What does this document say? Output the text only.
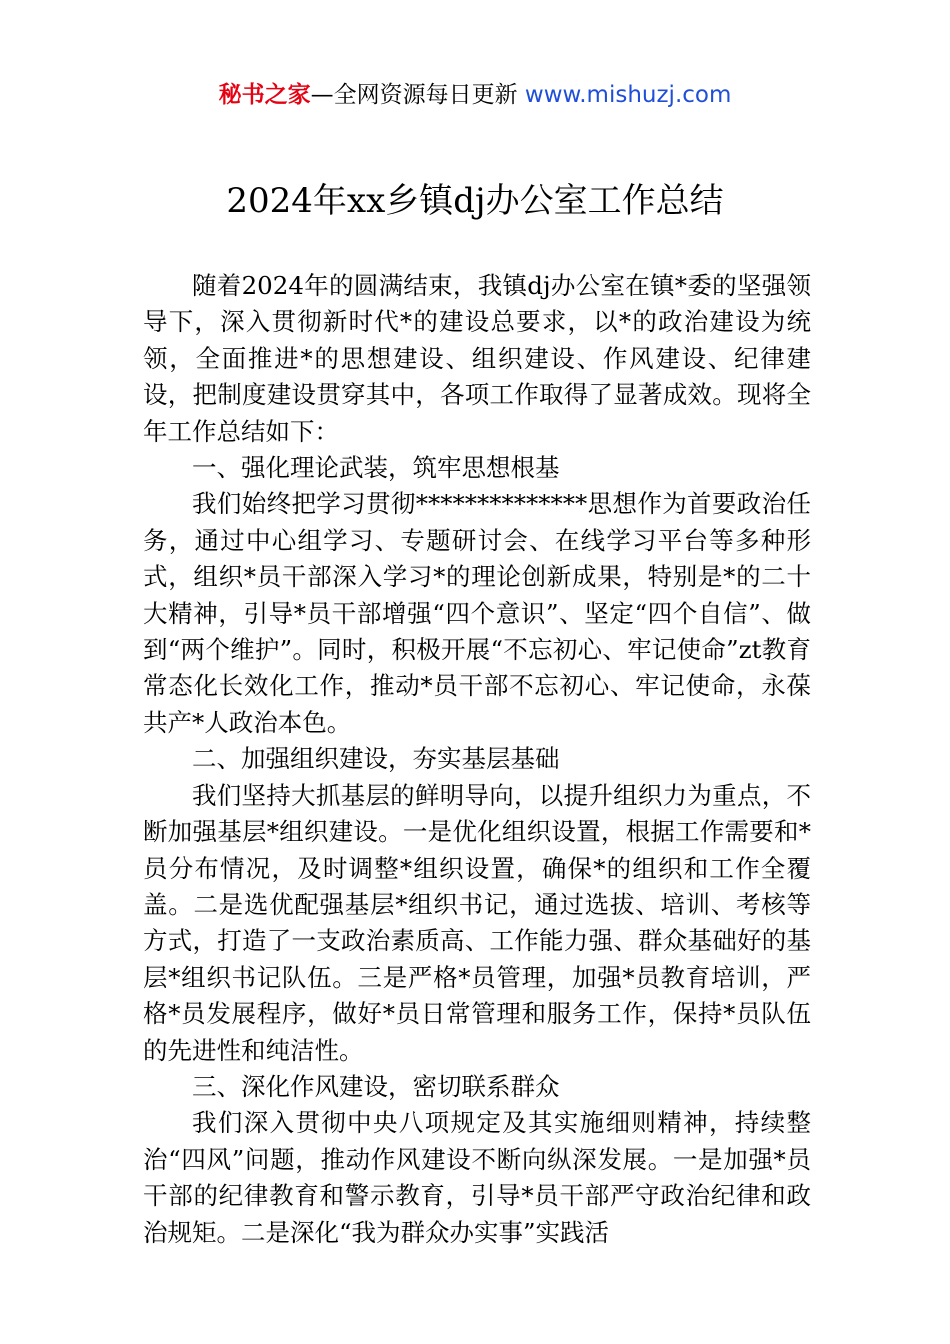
秘书之家—全网资源每日更新 www.mishuzj.com
2024年xx乡镇dj办公室工作总结

随着2024年的圆满结束，我镇dj办公室在镇*委的坚强领导下，深入贯彻新时代*的建设总要求，以*的政治建设为统领，全面推进*的思想建设、组织建设、作风建设、纪律建设，把制度建设贯穿其中，各项工作取得了显著成效。现将全年工作总结如下：

一、强化理论武装，筑牢思想根基

我们始终把学习贯彻**************思想作为首要政治任务，通过中心组学习、专题研讨会、在线学习平台等多种形式，组织*员干部深入学习*的理论创新成果，特别是*的二十大精神，引导*员干部增强“四个意识”、坚定“四个自信”、做到“两个维护”。同时，积极开展“不忘初心、牢记使命”zt教育常态化长效化工作，推动*员干部不忘初心、牢记使命，永葆共产*人政治本色。

二、加强组织建设，夯实基层基础

我们坚持大抓基层的鲜明导向，以提升组织力为重点，不断加强基层*组织建设。一是优化组织设置，根据工作需要和*员分布情况，及时调整*组织设置，确保*的组织和工作全覆盖。二是选优配强基层*组织书记，通过选拔、培训、考核等方式，打造了一支政治素质高、工作能力强、群众基础好的基层*组织书记队伍。三是严格*员管理，加强*员教育培训，严格*员发展程序，做好*员日常管理和服务工作，保持*员队伍的先进性和纯洁性。

三、深化作风建设，密切联系群众

我们深入贯彻中央八项规定及其实施细则精神，持续整治“四风”问题，推动作风建设不断向纵深发展。一是加强*员干部的纪律教育和警示教育，引导*员干部严守政治纪律和政治规矩。二是深化“我为群众办实事”实践活
